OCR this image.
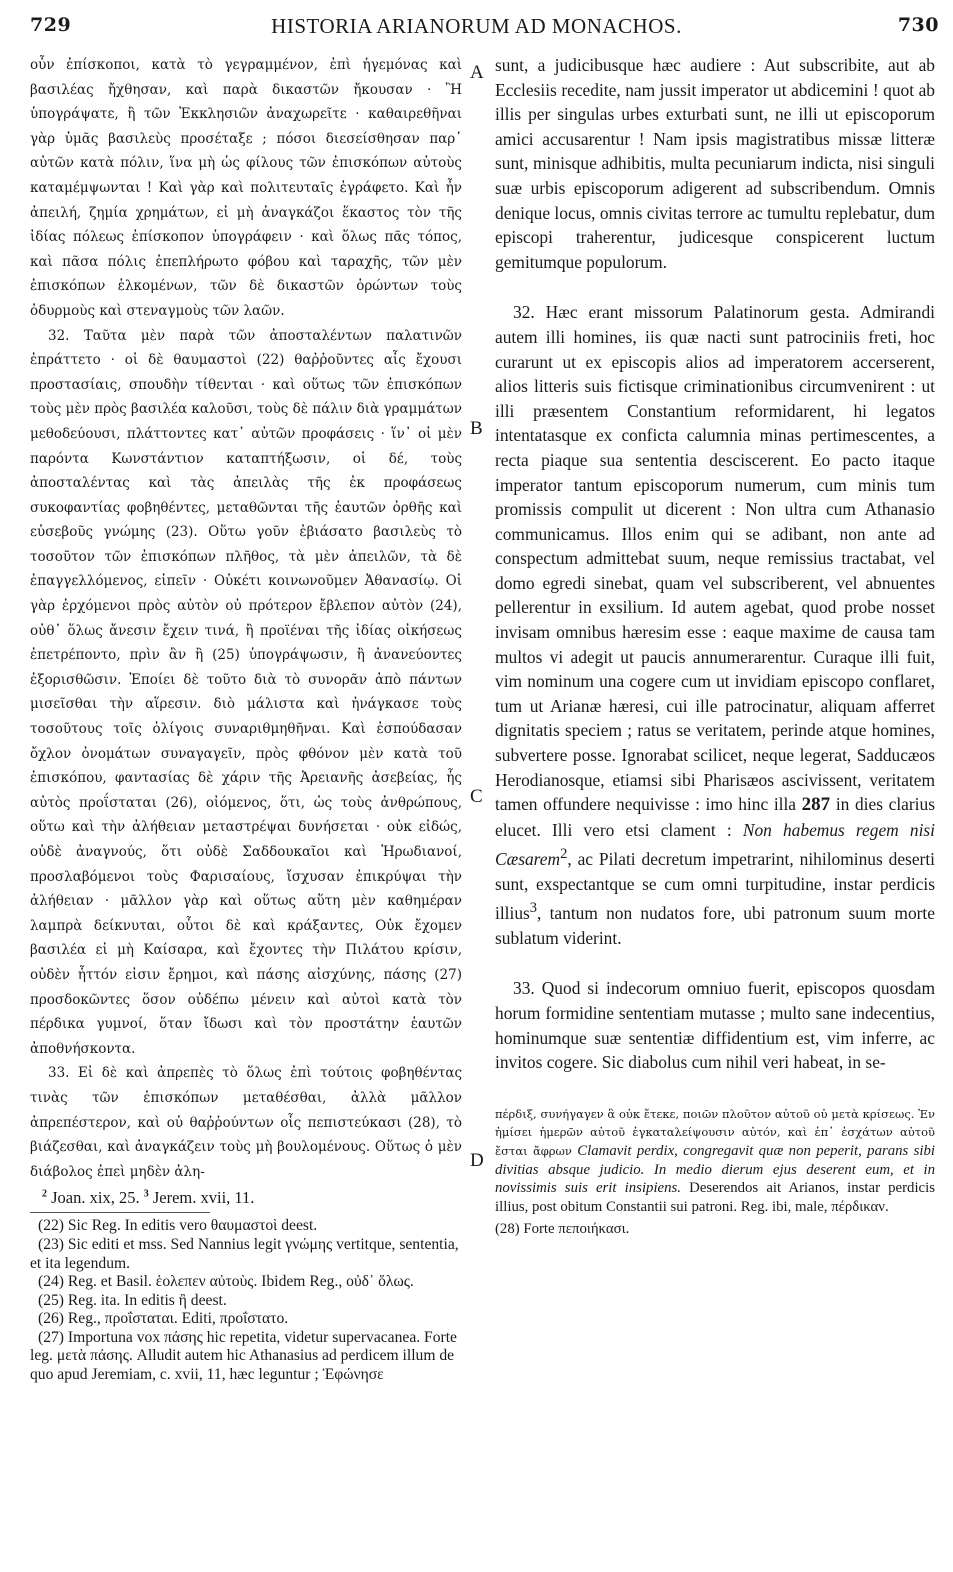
729	HISTORIA ARIANORUM AD MONACHOS.	730
A
B
C
D

οὖν ἐπίσκοποι, κατὰ τὸ γεγραμμένον, ἐπὶ ἡγεμόνας καὶ βασιλέας ἤχθησαν, καὶ παρὰ δικαστῶν ἤκουσαν · Ἢ ὑπογράψατε, ἢ τῶν Ἐκκλησιῶν ἀναχωρεῖτε · καθαιρεθῆναι γὰρ ὑμᾶς βασιλεὺς προσέταξε ; πόσοι διεσείσθησαν παρ᾽ αὐτῶν κατὰ πόλιν, ἵνα μὴ ὡς φίλους τῶν ἐπισκόπων αὐτοὺς καταμέμψωνται ! Καὶ γὰρ καὶ πολιτευταῖς ἐγράφετο. Καὶ ἦν ἀπειλή, ζημία χρημάτων, εἰ μὴ ἀναγκάζοι ἕκαστος τὸν τῆς ἰδίας πόλεως ἐπίσκοπον ὑπογράφειν · καὶ ὅλως πᾶς τόπος, καὶ πᾶσα πόλις ἐπεπλήρωτο φόβου καὶ ταραχῆς, τῶν μὲν ἐπισκόπων ἑλκομένων, τῶν δὲ δικαστῶν ὁρώντων τοὺς ὀδυρμοὺς καὶ στεναγμοὺς τῶν λαῶν.

32. Ταῦτα μὲν παρὰ τῶν ἀποσταλέντων παλατινῶν ἐπράττετο · οἱ δὲ θαυμαστοὶ (22) θαῤῥοῦντες αἷς ἔχουσι προστασίαις, σπουδὴν τίθενται · καὶ οὕτως τῶν ἐπισκόπων τοὺς μὲν πρὸς βασιλέα καλοῦσι, τοὺς δὲ πάλιν διὰ γραμμάτων μεθοδεύουσι, πλάττοντες κατ᾽ αὐτῶν προφάσεις · ἵν᾽ οἱ μὲν παρόντα Κωνστάντιον καταπτήξωσιν, οἱ δέ, τοὺς ἀποσταλέντας καὶ τὰς ἀπειλὰς τῆς ἐκ προφάσεως συκοφαντίας φοβηθέντες, μεταθῶνται τῆς ἑαυτῶν ὀρθῆς καὶ εὐσεβοῦς γνώμης (23). Οὕτω γοῦν ἐβιάσατο βασιλεὺς τὸ τοσοῦτον τῶν ἐπισκόπων πλῆθος, τὰ μὲν ἀπειλῶν, τὰ δὲ ἐπαγγελλόμενος, εἰπεῖν · Οὐκέτι κοινωνοῦμεν Ἀθανασίῳ. Οἱ γὰρ ἐρχόμενοι πρὸς αὐτὸν οὐ πρότερον ἔβλεπον αὐτὸν (24), οὐθ᾽ ὅλως ἄνεσιν ἔχειν τινά, ἢ προϊέναι τῆς ἰδίας οἰκήσεως ἐπετρέποντο, πρὶν ἂν ἢ (25) ὑπογράψωσιν, ἢ ἀνανεύοντες ἐξορισθῶσιν. Ἐποίει δὲ τοῦτο διὰ τὸ συνορᾶν ἀπὸ πάντων μισεῖσθαι τὴν αἵρεσιν. διὸ μάλιστα καὶ ἠνάγκασε τοὺς τοσοῦτους τοῖς ὀλίγοις συναριθμηθῆναι. Καὶ ἐσπούδασαν ὄχλον ὀνομάτων συναγαγεῖν, πρὸς φθόνον μὲν κατὰ τοῦ ἐπισκόπου, φαντασίας δὲ χάριν τῆς Ἀρειανῆς ἀσεβείας, ἧς αὐτὸς προΐσταται (26), οἰόμενος, ὅτι, ὡς τοὺς ἀνθρώπους, οὕτω καὶ τὴν ἀλήθειαν μεταστρέψαι δυνήσεται · οὐκ εἰδώς, οὐδὲ ἀναγνούς, ὅτι οὐδὲ Σαδδουκαῖοι καὶ Ἡρωδιανοί, προσλαβόμενοι τοὺς Φαρισαίους, ἴσχυσαν ἐπικρύψαι τὴν ἀλήθειαν · μᾶλλον γὰρ καὶ οὕτως αὕτη μὲν καθημέραν λαμπρὰ δείκνυται, οὗτοι δὲ καὶ κράξαντες, Οὐκ ἔχομεν βασιλέα εἰ μὴ Καίσαρα, καὶ ἔχοντες τὴν Πιλάτου κρίσιν, οὐδὲν ἧττόν εἰσιν ἔρημοι, καὶ πάσης αἰσχύνης, πάσης (27) προσδοκῶντες ὅσον οὐδέπω μένειν καὶ αὐτοὶ κατὰ τὸν πέρδικα γυμνοί, ὅταν ἴδωσι καὶ τὸν προστάτην ἑαυτῶν ἀποθνήσκοντα.

33. Εἰ δὲ καὶ ἀπρεπὲς τὸ ὅλως ἐπὶ τούτοις φοβηθέντας τινὰς τῶν ἐπισκόπων μεταθέσθαι, ἀλλὰ μᾶλλον ἀπρεπέστερον, καὶ οὐ θαῤῥούντων οἷς πεπιστεύκασι (28), τὸ βιάζεσθαι, καὶ ἀναγκάζειν τοὺς μὴ βουλομένους. Οὕτως ὁ μὲν διάβολος ἐπεὶ μηδὲν ἀλη-

$^2$ Joan. xix, 25. $^3$ Jerem. xvii, 11.

(22) Sic Reg. In editis vero θαυμαστοὶ deest.

(23) Sic editi et mss. Sed Nannius legit γνώμης vertitque, sententia, et ita legendum.

(24) Reg. et Basil. ἑολεπεν αὐτοὺς. Ibidem Reg., οὐδ᾽ ὅλως.

(25) Reg. ita. In editis ἢ deest.

(26) Reg., προΐσταται. Editi, προΐστατο.

(27) Importuna vox πάσης hic repetita, videtur supervacanea. Forte leg. μετὰ πάσης. Alludit autem hic Athanasius ad perdicem illum de quo apud Jeremiam, c. xvii, 11, hæc leguntur ; Ἐφώνησε

sunt, a judicibusque hæc audiere : Aut subscribite, aut ab Ecclesiis recedite, nam jussit imperator ut abdicemini ! quot ab illis per singulas urbes exturbati sunt, ne illi ut episcoporum amici accusarentur ! Nam ipsis magistratibus missæ litteræ sunt, minisque adhibitis, multa pecuniarum indicta, nisi singuli suæ urbis episcoporum adigerent ad subscribendum. Omnis denique locus, omnis civitas terrore ac tumultu replebatur, dum episcopi traherentur, judicesque conspicerent luctum gemitumque populorum.

32. Hæc erant missorum Palatinorum gesta. Admirandi autem illi homines, iis quæ nacti sunt patrociniis freti, hoc curarunt ut ex episcopis alios ad imperatorem accerserent, alios litteris suis fictisque criminationibus circumvenirent : ut illi præsentem Constantium reformidarent, hi legatos intentatasque ex conficta calumnia minas pertimescentes, a recta piaque sua sententia desciscerent. Eo pacto itaque imperator tantum episcoporum numerum, cum minis tum promissis compulit ut dicerent : Non ultra cum Athanasio communicamus. Illos enim qui se adibant, non ante ad conspectum admittebat suum, neque remissius tractabat, vel domo egredi sinebat, quam vel subscriberent, vel abnuentes pellerentur in exsilium. Id autem agebat, quod probe nosset invisam omnibus hæresim esse : eaque maxime de causa tam multos vi adegit ut paucis annumerarentur. Curaque illi fuit, vim nominum una cogere cum ut invidiam episcopo conflaret, tum ut Arianæ hæresi, cui ille patrocinatur, aliquam afferret dignitatis speciem ; ratus se veritatem, perinde atque homines, subvertere posse. Ignorabat scilicet, neque legerat, Sadducæos Herodianosque, etiamsi sibi Pharisæos ascivissent, veritatem tamen offundere nequivisse : imo hinc illa 287 in dies clarius elucet. Illi vero etsi clament : Non habemus regem nisi Cæsarem$^2$, ac Pilati decretum impetrarint, nihilominus deserti sunt, exspectantque se cum omni turpitudine, instar perdicis illius$^3$, tantum non nudatos fore, ubi patronum suum morte sublatum viderint.

33. Quod si indecorum omniuo fuerit, episcopos quosdam horum formidine sententiam mutasse ; multo sane indecentius, hominumque suæ sententiæ diffidentium est, vim inferre, ac invitos cogere. Sic diabolus cum nihil veri habeat, in se-

πέρδιξ, συνήγαγεν ἃ οὐκ ἔτεκε, ποιῶν πλοῦτον αὐτοῦ οὐ μετὰ κρίσεως. Ἐν ἡμίσει ἡμερῶν αὐτοῦ ἐγκαταλείψουσιν αὐτόν, καὶ ἐπ᾽ ἐσχάτων αὐτοῦ ἔσται ἄφρων Clamavit perdix, congregavit quæ non peperit, parans sibi divitias absque judicio. In medio dierum ejus deserent eum, et in novissimis suis erit insipiens. Deserendos ait Arianos, instar perdicis illius, post obitum Constantii sui patroni. Reg. ibi, male, πέρδικαν.

(28) Forte πεποιήκασι.
